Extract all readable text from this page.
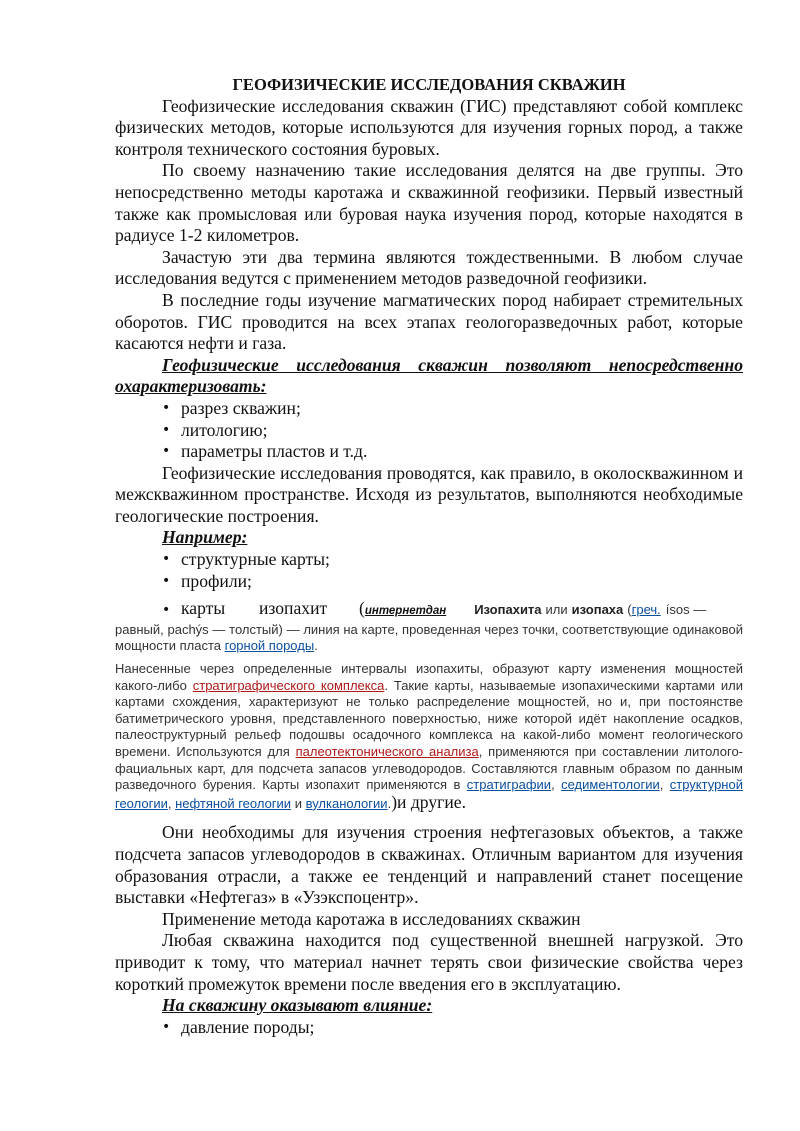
ГЕОФИЗИЧЕСКИЕ ИССЛЕДОВАНИЯ СКВАЖИН

Геофизические исследования скважин (ГИС) представляют собой комплекс физических методов, которые используются для изучения горных пород, а также контроля технического состояния буровых.

По своему назначению такие исследования делятся на две группы. Это непосредственно методы каротажа и скважинной геофизики. Первый известный также как промысловая или буровая наука изучения пород, которые находятся в радиусе 1-2 километров.

Зачастую эти два термина являются тождественными. В любом случае исследования ведутся с применением методов разведочной геофизики.

В последние годы изучение магматических пород набирает стремительных оборотов. ГИС проводится на всех этапах геологоразведочных работ, которые касаются нефти и газа.

Геофизические исследования скважин позволяют непосредственно охарактеризовать:

• разрез скважин;
• литологию;
• параметры пластов и т.д.

Геофизические исследования проводятся, как правило, в околоскважинном и межскважинном пространстве. Исходя из результатов, выполняются необходимые геологические построения.

Например:

• структурные карты;
• профили;
• карты	изопахит	( интернетдан Изопахита или изопаха ( греч. ísos —

равный, pachýs — толстый) — линия на карте, проведенная через точки, соответствующие одинаковой мощности пласта горной породы.

Нанесенные через определенные интервалы изопахиты, образуют карту изменения мощностей какого-либо стратиграфического комплекса. Такие карты, называемые изопахическими картами или картами схождения, характеризуют не только распределение мощностей, но и, при постоянстве батиметрического уровня, представленного поверхностью, ниже которой идёт накопление осадков, палеоструктурный рельеф подошвы осадочного комплекса на какой-либо момент геологического времени. Используются для палеотектонического анализа, применяются при составлении литолого-фациальных карт, для подсчета запасов углеводородов. Составляются главным образом по данным разведочного бурения. Карты изопахит применяются в стратиграфии, седиментологии, структурной геологии, нефтяной геологии и вулканологии.)и другие.

Они необходимы для изучения строения нефтегазовых объектов, а также подсчета запасов углеводородов в скважинах. Отличным вариантом для изучения образования отрасли, а также ее тенденций и направлений станет посещение выставки «Нефтегаз» в «Узэкспоцентр».

Применение метода каротажа в исследованиях скважин

Любая скважина находится под существенной внешней нагрузкой. Это приводит к тому, что материал начнет терять свои физические свойства через короткий промежуток времени после введения его в эксплуатацию.

На скважину оказывают влияние:

• давление породы;
